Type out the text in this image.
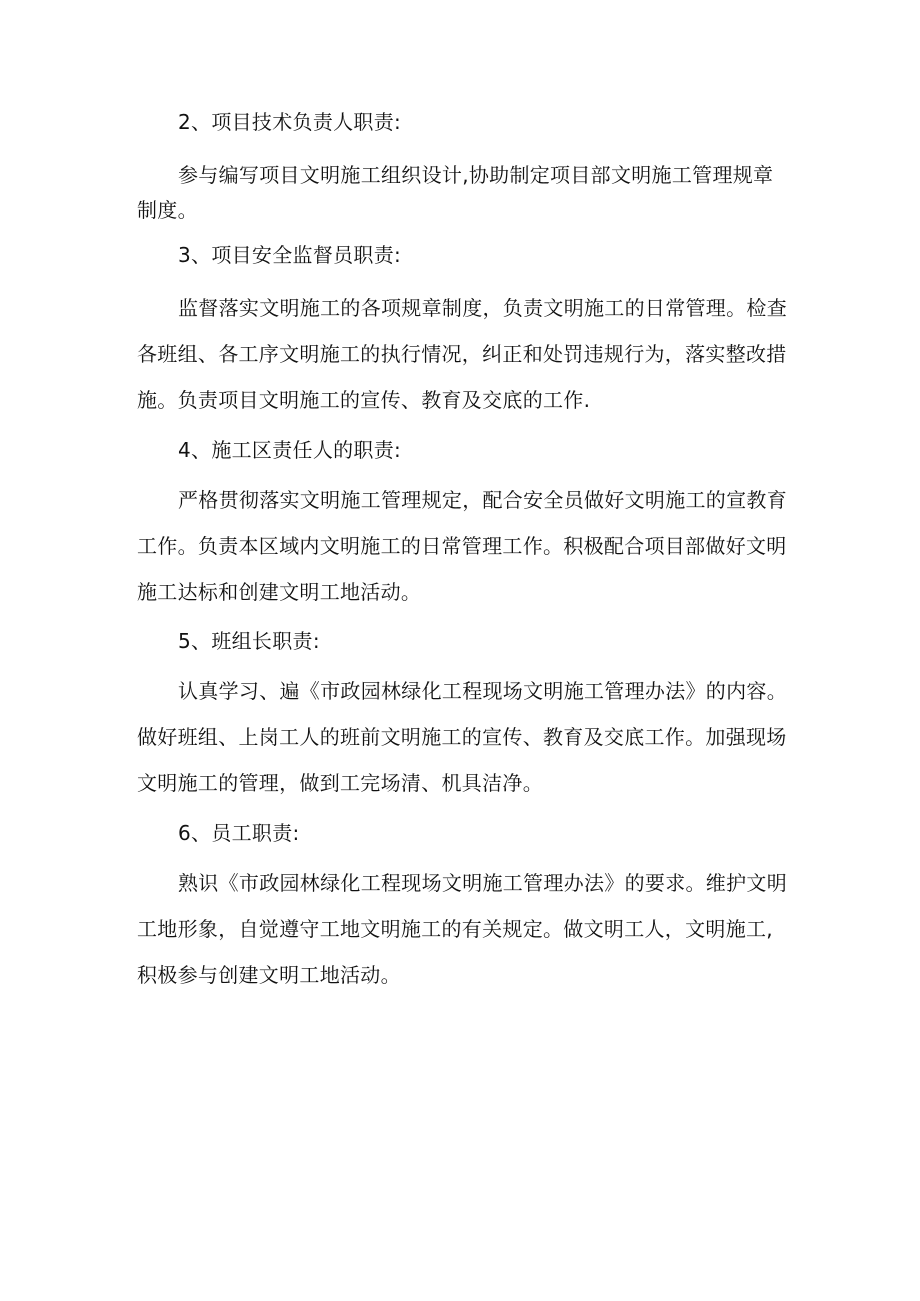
2、项目技术负责人职责:
参与编写项目文明施工组织设计,协助制定项目部文明施工管理规章
制度。
3、项目安全监督员职责:
监督落实文明施工的各项规章制度，负责文明施工的日常管理。检查
各班组、各工序文明施工的执行情况，纠正和处罚违规行为，落实整改措
施。负责项目文明施工的宣传、教育及交底的工作.
4、施工区责任人的职责:
严格贯彻落实文明施工管理规定，配合安全员做好文明施工的宣教育
工作。负责本区域内文明施工的日常管理工作。积极配合项目部做好文明
施工达标和创建文明工地活动。
5、班组长职责:
认真学习、遍《市政园林绿化工程现场文明施工管理办法》的内容。
做好班组、上岗工人的班前文明施工的宣传、教育及交底工作。加强现场
文明施工的管理，做到工完场清、机具洁净。
6、员工职责:
熟识《市政园林绿化工程现场文明施工管理办法》的要求。维护文明
工地形象，自觉遵守工地文明施工的有关规定。做文明工人，文明施工,
积极参与创建文明工地活动。
